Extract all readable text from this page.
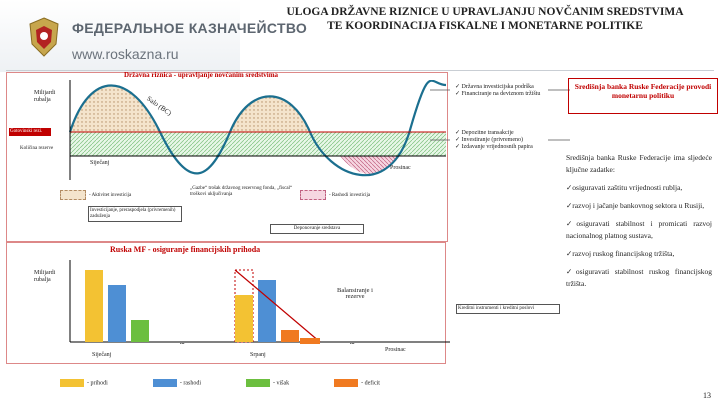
ФЕДЕРАЛЬНОЕ КАЗНАЧЕЙСТВО
www.roskazna.ru
ULOGA DRŽAVNE RIZNICE U UPRAVLJANJU NOVČANIM SREDSTVIMA
TE KOORDINACIJA FISKALNE I MONETARNE POLITIKE
Državna riznica - upravljanje novčanim sredstvima
Milijardi rubalja	Salo (BC)
Gotovinski rezi.
Količina rezerve
Siječanj
Prosinac
- Aktivitet investicija
„Gazbe“ trošak državnog rezervnog fonda, „fiscal“ troškovi uključivanja	- Rashodi investicija
Investicijanje, preraspodjela (privremenih) zaduženja
Deponovanje sredstava
✓ Državna investicijska podrška
✓ Financiranje na deviznom tržištu
✓ Depozitne transakcije
✓ Investiranje (privremeno)
✓ Izdavanje vrijednosnih papira
Središnja banka Ruske Federacije provodi monetarnu politiku
Središnja banka Ruske Federacije ima sljedeće ključne zadatke:
✓osiguravati zaštitu vrijednosti rublja,
✓razvoj i jačanje bankovnog sektora u Rusiji,
✓osiguravati stabilnost i promicati razvoj nacionalnog platnog sustava,
✓razvoj ruskog financijskog tržišta,
✓osiguravati stabilnost ruskog financijskog tržišta.
Ruska MF - osiguranje financijskih prihoda
Milijardi rubalja
Balansiranje i rezerve
Kreditni instrumenti i kreditni poslovi
...	...
Siječanj	Srpanj
Prosinac
- prihodi	- rashodi	- višak	- deficit
13
